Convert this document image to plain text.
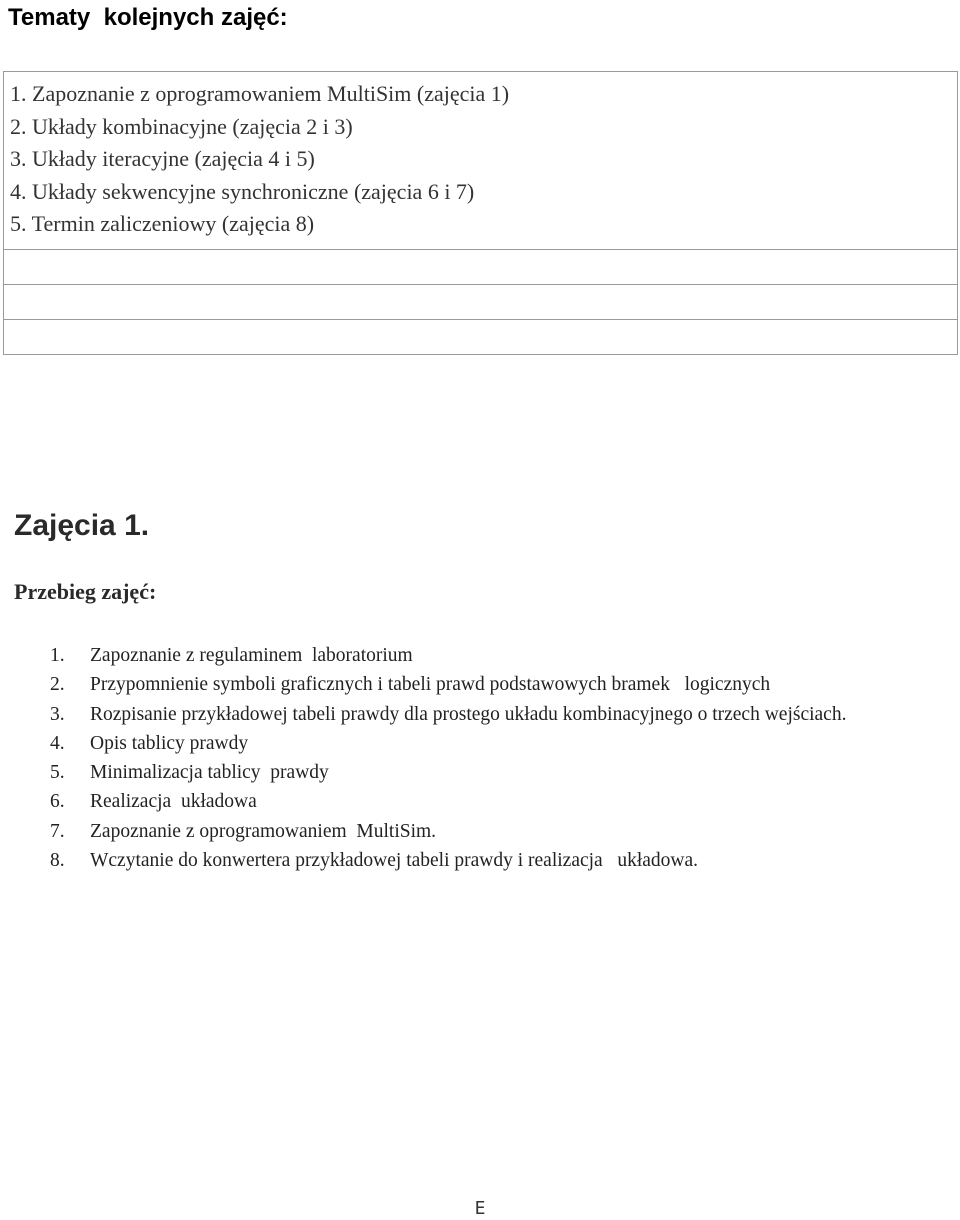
Tematy  kolejnych zajęć:
1. Zapoznanie z oprogramowaniem MultiSim (zajęcia 1)
2. Układy kombinacyjne (zajęcia 2 i 3)
3. Układy iteracyjne (zajęcia 4 i 5)
4. Układy sekwencyjne synchroniczne (zajęcia 6 i 7)
5. Termin zaliczeniowy (zajęcia 8)
Zajęcia 1.
Przebieg zajęć:
1.	Zapoznanie z regulaminem  laboratorium
2.	Przypomnienie symboli graficznych i tabeli prawd podstawowych bramek   logicznych
3.	Rozpisanie przykładowej tabeli prawdy dla prostego układu kombinacyjnego o trzech wejściach.
4.	Opis tablicy prawdy
5.	Minimalizacja tablicy  prawdy
6.	Realizacja  układowa
7.	Zapoznanie z oprogramowaniem  MultiSim.
8.	Wczytanie do konwertera przykładowej tabeli prawdy i realizacja   układowa.
E
